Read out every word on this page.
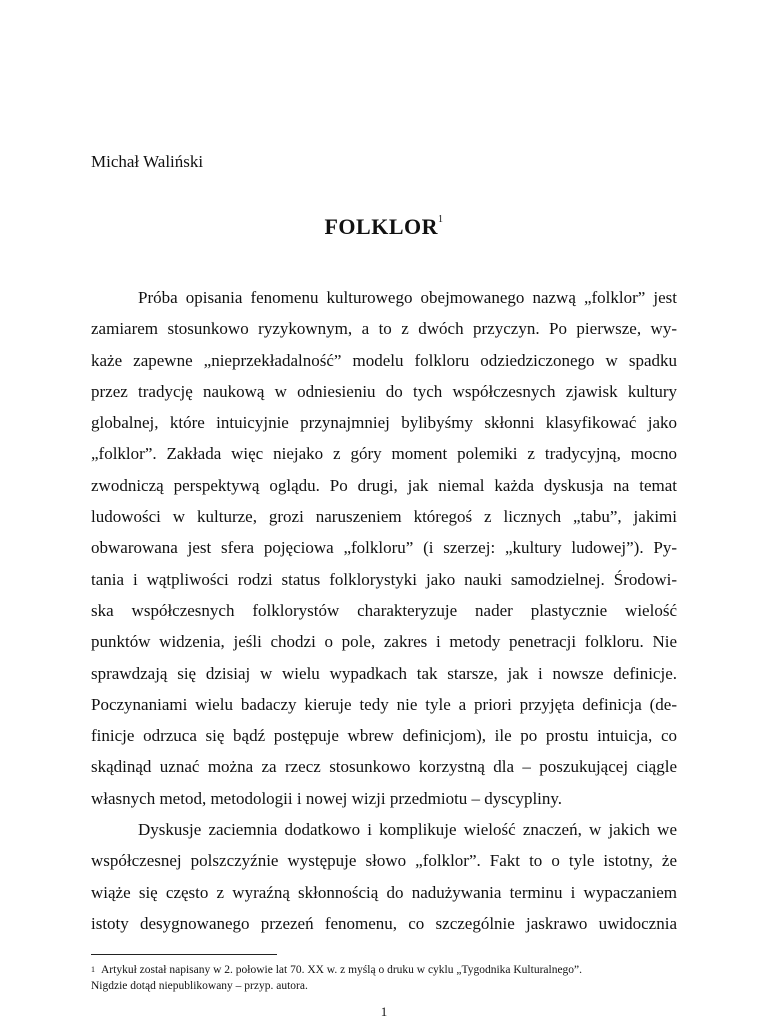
Michał Waliński
FOLKLOR$^1$
Próba opisania fenomenu kulturowego obejmowanego nazwą „folklor” jest
zamiarem stosunkowo ryzykownym, a to z dwóch przyczyn. Po pierwsze, wy-
każe zapewne „nieprzekładalność” modelu folkloru odziedziczonego w spadku
przez tradycję naukową w odniesieniu do tych współczesnych zjawisk kultury
globalnej, które intuicyjnie przynajmniej bylibyśmy skłonni klasyfikować jako
„folklor”. Zakłada więc niejako z góry moment polemiki z tradycyjną, mocno
zwodniczą perspektywą oglądu. Po drugi, jak niemal każda dyskusja na temat
ludowości w kulturze, grozi naruszeniem któregoś z licznych „tabu”, jakimi
obwarowana jest sfera pojęciowa „folkloru” (i szerzej: „kultury ludowej”). Py-
tania i wątpliwości rodzi status folklorystyki jako nauki samodzielnej. Środowi-
ska współczesnych folklorystów charakteryzuje nader plastycznie wielość
punktów widzenia, jeśli chodzi o pole, zakres i metody penetracji folkloru. Nie
sprawdzają się dzisiaj w wielu wypadkach tak starsze, jak i nowsze definicje.
Poczynaniami wielu badaczy kieruje tedy nie tyle a priori przyjęta definicja (de-
finicje odrzuca się bądź postępuje wbrew definicjom), ile po prostu intuicja, co
skądinąd uznać można za rzecz stosunkowo korzystną dla – poszukującej ciągle
własnych metod, metodologii i nowej wizji przedmiotu – dyscypliny.
Dyskusje zaciemnia dodatkowo i komplikuje wielość znaczeń, w jakich we
współczesnej polszczyźnie występuje słowo „folklor”. Fakt to o tyle istotny, że
wiąże się często z wyraźną skłonnością do nadużywania terminu i wypaczaniem
istoty desygnowanego przezeń fenomenu, co szczególnie jaskrawo uwidocznia
$^1$ Artykuł został napisany w 2. połowie lat 70. XX w. z myślą o druku w cyklu „Tygodnika Kulturalnego”.
Nigdzie dotąd niepublikowany – przyp. autora.
1
